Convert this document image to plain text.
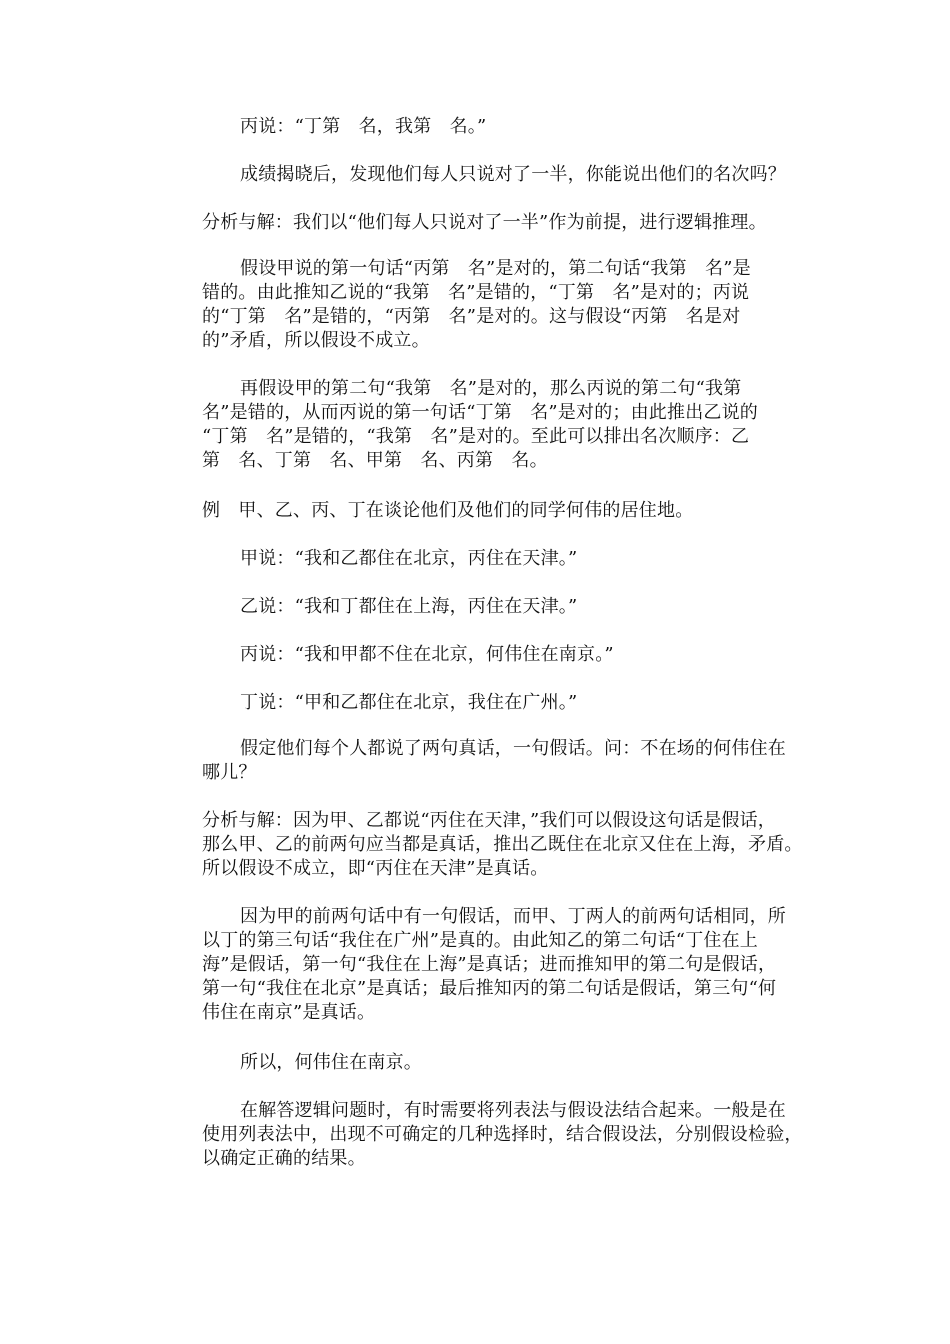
丙说：“丁第　名，我第　名。”

成绩揭晓后，发现他们每人只说对了一半，你能说出他们的名次吗？

分析与解：我们以“他们每人只说对了一半”作为前提，进行逻辑推理。

假设甲说的第一句话“丙第　名”是对的，第二句话“我第　名”是
错的。由此推知乙说的“我第　名”是错的，“丁第　名”是对的；丙说
的“丁第　名”是错的，“丙第　名”是对的。这与假设“丙第　名是对
的”矛盾，所以假设不成立。

再假设甲的第二句“我第　名”是对的，那么丙说的第二句“我第
名”是错的，从而丙说的第一句话“丁第　名”是对的；由此推出乙说的
“丁第　名”是错的，“我第　名”是对的。至此可以排出名次顺序：乙
第　名、丁第　名、甲第　名、丙第　名。

例　甲、乙、丙、丁在谈论他们及他们的同学何伟的居住地。

甲说：“我和乙都住在北京，丙住在天津。”

乙说：“我和丁都住在上海，丙住在天津。”

丙说：“我和甲都不住在北京，何伟住在南京。”

丁说：“甲和乙都住在北京，我住在广州。”

假定他们每个人都说了两句真话，一句假话。问：不在场的何伟住在
哪儿？

分析与解：因为甲、乙都说“丙住在天津，”我们可以假设这句话是假话，
那么甲、乙的前两句应当都是真话，推出乙既住在北京又住在上海，矛盾。
所以假设不成立，即“丙住在天津”是真话。

因为甲的前两句话中有一句假话，而甲、丁两人的前两句话相同，所
以丁的第三句话“我住在广州”是真的。由此知乙的第二句话“丁住在上
海”是假话，第一句“我住在上海”是真话；进而推知甲的第二句是假话，
第一句“我住在北京”是真话；最后推知丙的第二句话是假话，第三句“何
伟住在南京”是真话。

所以，何伟住在南京。

在解答逻辑问题时，有时需要将列表法与假设法结合起来。一般是在
使用列表法中，出现不可确定的几种选择时，结合假设法，分别假设检验，
以确定正确的结果。
